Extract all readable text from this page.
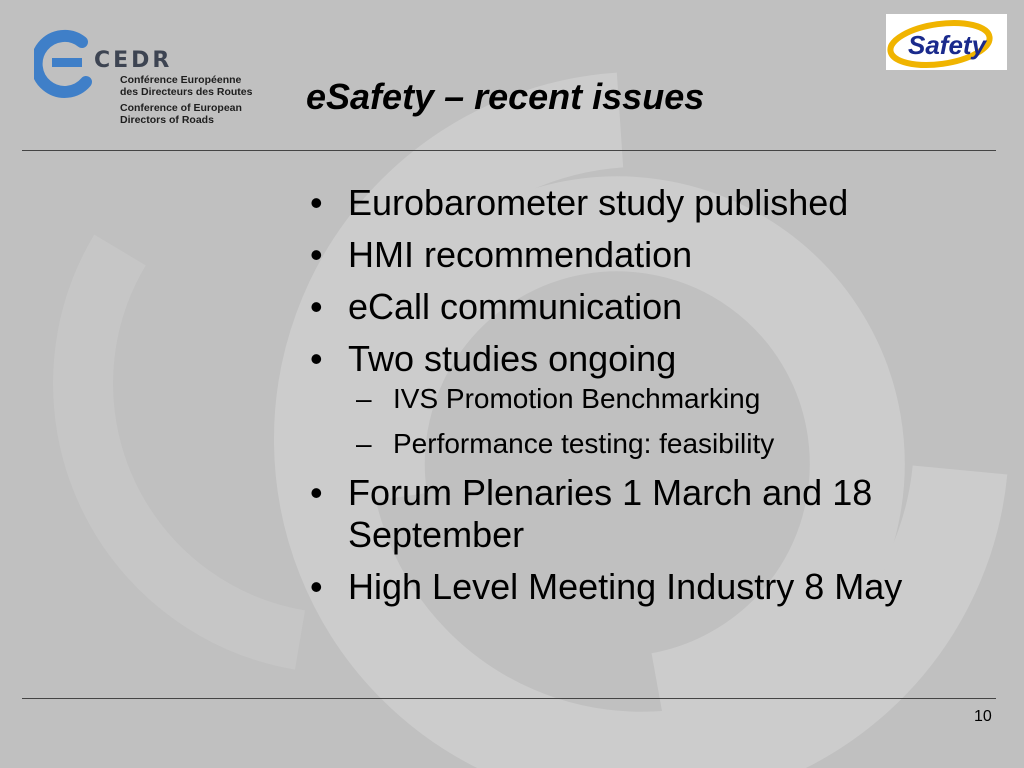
CEDR
Conférence Européenne
des Directeurs des Routes
Conference of European
Directors of Roads
Safety
eSafety – recent issues
• Eurobarometer study published
• HMI recommendation
• eCall communication
• Two studies ongoing
– IVS Promotion Benchmarking
– Performance testing: feasibility
• Forum Plenaries 1 March and 18 September
• High Level Meeting Industry 8 May
10
